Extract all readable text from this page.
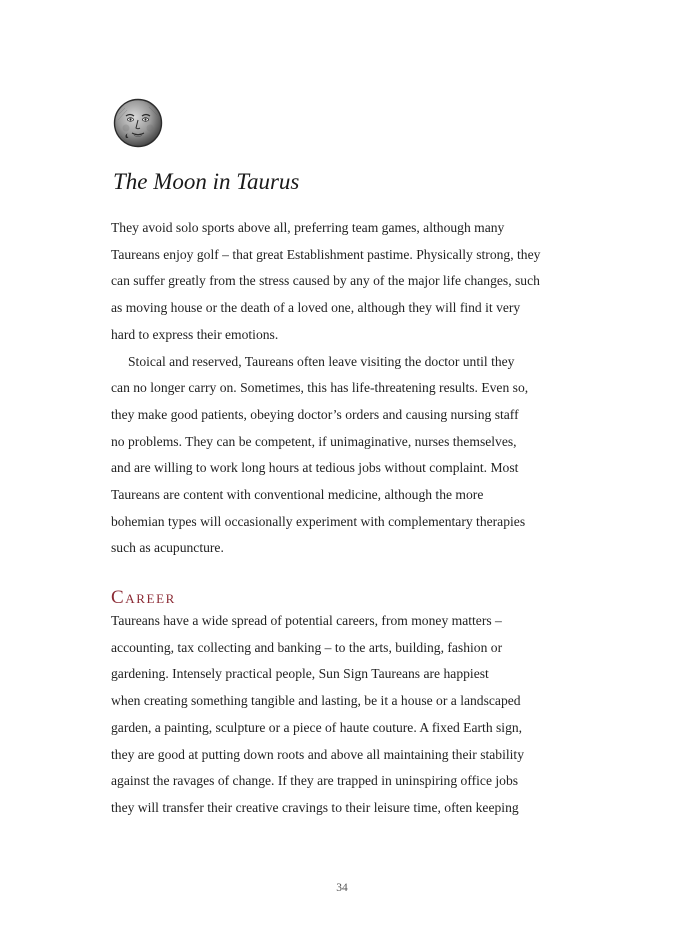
The Moon in Taurus
They avoid solo sports above all, preferring team games, although many
Taureans enjoy golf – that great Establishment pastime. Physically strong, they
can suffer greatly from the stress caused by any of the major life changes, such
as moving house or the death of a loved one, although they will find it very
hard to express their emotions.
Stoical and reserved, Taureans often leave visiting the doctor until they
can no longer carry on. Sometimes, this has life-threatening results. Even so,
they make good patients, obeying doctor’s orders and causing nursing staff
no problems. They can be competent, if unimaginative, nurses themselves,
and are willing to work long hours at tedious jobs without complaint. Most
Taureans are content with conventional medicine, although the more
bohemian types will occasionally experiment with complementary therapies
such as acupuncture.
Career
Taureans have a wide spread of potential careers, from money matters –
accounting, tax collecting and banking – to the arts, building, fashion or
gardening. Intensely practical people, Sun Sign Taureans are happiest
when creating something tangible and lasting, be it a house or a landscaped
garden, a painting, sculpture or a piece of haute couture. A fixed Earth sign,
they are good at putting down roots and above all maintaining their stability
against the ravages of change. If they are trapped in uninspiring office jobs
they will transfer their creative cravings to their leisure time, often keeping
34
